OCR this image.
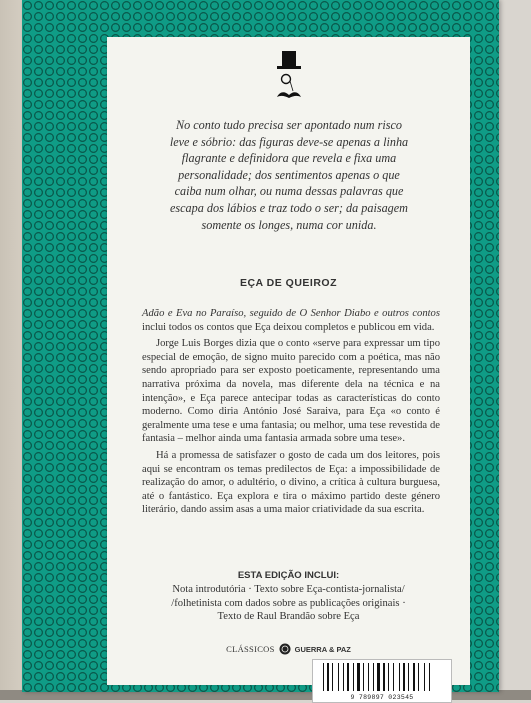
No conto tudo precisa ser apontado num risco
leve e sóbrio: das figuras deve-se apenas a linha
flagrante e definidora que revela e fixa uma
personalidade; dos sentimentos apenas o que
caiba num olhar, ou numa dessas palavras que
escapa dos lábios e traz todo o ser; da paisagem
somente os longes, numa cor unida.

EÇA DE QUEIROZ

Adão e Eva no Paraíso, seguido de O Senhor Diabo e outros contos inclui todos os contos que Eça deixou completos e publicou em vida.

Jorge Luis Borges dizia que o conto «serve para expressar um tipo especial de emoção, de signo muito parecido com a poética, mas não sendo apropriado para ser exposto poeticamente, representando uma narrativa próxima da novela, mas diferente dela na técnica e na intenção», e Eça parece antecipar todas as características do conto moderno. Como diria António José Saraiva, para Eça «o conto é geralmente uma tese e uma fantasia; ou melhor, uma tese revestida de fantasia – melhor ainda uma fantasia armada sobre uma tese».

Há a promessa de satisfazer o gosto de cada um dos leitores, pois aqui se encontram os temas predilectos de Eça: a impossibilidade de realização do amor, o adultério, o divino, a crítica à cultura burguesa, até o fantástico. Eça explora e tira o máximo partido deste género literário, dando assim asas a uma maior criatividade da sua escrita.

ESTA EDIÇÃO INCLUI:
Nota introdutória · Texto sobre Eça-contista-jornalista/
/folhetinista com dados sobre as publicações originais ·
Texto de Raul Brandão sobre Eça
CLÁSSICOS	GUERRA & PAZ
9 789897 023545
